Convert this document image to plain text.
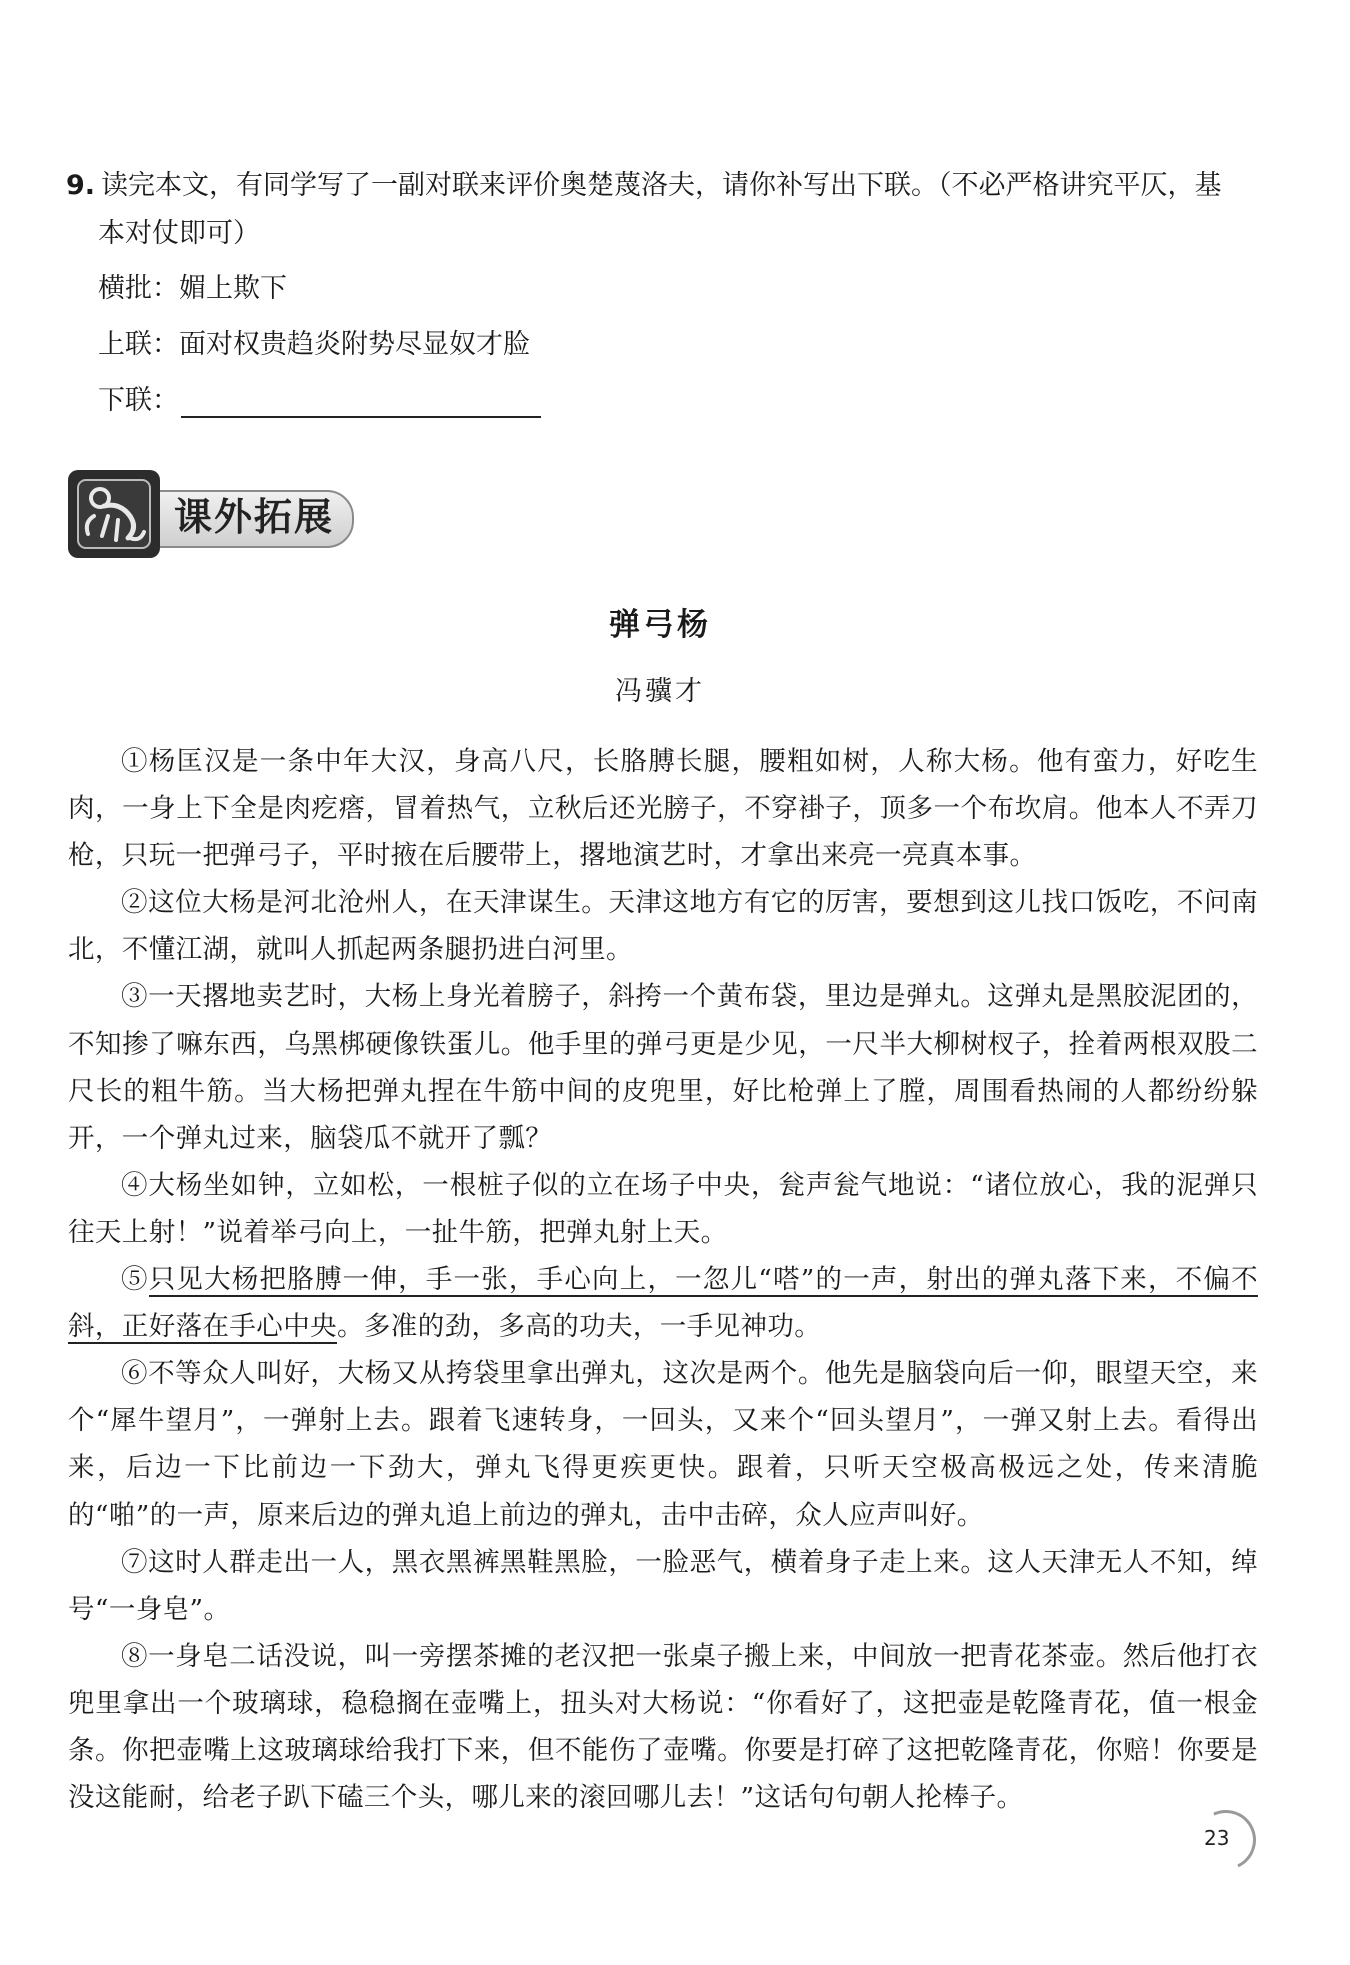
9. 读完本文，有同学写了一副对联来评价奥楚蔑洛夫，请你补写出下联。（不必严格讲究平仄，基
本对仗即可）
横批：媚上欺下
上联：面对权贵趋炎附势尽显奴才脸
下联：
课外拓展
弹弓杨
冯骥才

①杨匡汉是一条中年大汉，身高八尺，长胳膊长腿，腰粗如树，人称大杨。他有蛮力，好吃生肉，一身上下全是肉疙瘩，冒着热气，立秋后还光膀子，不穿褂子，顶多一个布坎肩。他本人不弄刀枪，只玩一把弹弓子，平时掖在后腰带上，撂地演艺时，才拿出来亮一亮真本事。

②这位大杨是河北沧州人，在天津谋生。天津这地方有它的厉害，要想到这儿找口饭吃，不问南北，不懂江湖，就叫人抓起两条腿扔进白河里。

③一天撂地卖艺时，大杨上身光着膀子，斜挎一个黄布袋，里边是弹丸。这弹丸是黑胶泥团的，不知掺了嘛东西，乌黑梆硬像铁蛋儿。他手里的弹弓更是少见，一尺半大柳树杈子，拴着两根双股二尺长的粗牛筋。当大杨把弹丸捏在牛筋中间的皮兜里，好比枪弹上了膛，周围看热闹的人都纷纷躲开，一个弹丸过来，脑袋瓜不就开了瓢？

④大杨坐如钟，立如松，一根桩子似的立在场子中央，瓮声瓮气地说：“诸位放心，我的泥弹只往天上射！”说着举弓向上，一扯牛筋，把弹丸射上天。

⑤只见大杨把胳膊一伸，手一张，手心向上，一忽儿“嗒”的一声，射出的弹丸落下来，不偏不斜，正好落在手心中央。多准的劲，多高的功夫，一手见神功。

⑥不等众人叫好，大杨又从挎袋里拿出弹丸，这次是两个。他先是脑袋向后一仰，眼望天空，来个“犀牛望月”，一弹射上去。跟着飞速转身，一回头，又来个“回头望月”，一弹又射上去。看得出来，后边一下比前边一下劲大，弹丸飞得更疾更快。跟着，只听天空极高极远之处，传来清脆的“啪”的一声，原来后边的弹丸追上前边的弹丸，击中击碎，众人应声叫好。

⑦这时人群走出一人，黑衣黑裤黑鞋黑脸，一脸恶气，横着身子走上来。这人天津无人不知，绰号“一身皂”。

⑧一身皂二话没说，叫一旁摆茶摊的老汉把一张桌子搬上来，中间放一把青花茶壶。然后他打衣兜里拿出一个玻璃球，稳稳搁在壶嘴上，扭头对大杨说：“你看好了，这把壶是乾隆青花，值一根金条。你把壶嘴上这玻璃球给我打下来，但不能伤了壶嘴。你要是打碎了这把乾隆青花，你赔！你要是没这能耐，给老子趴下磕三个头，哪儿来的滚回哪儿去！”这话句句朝人抡棒子。

23
